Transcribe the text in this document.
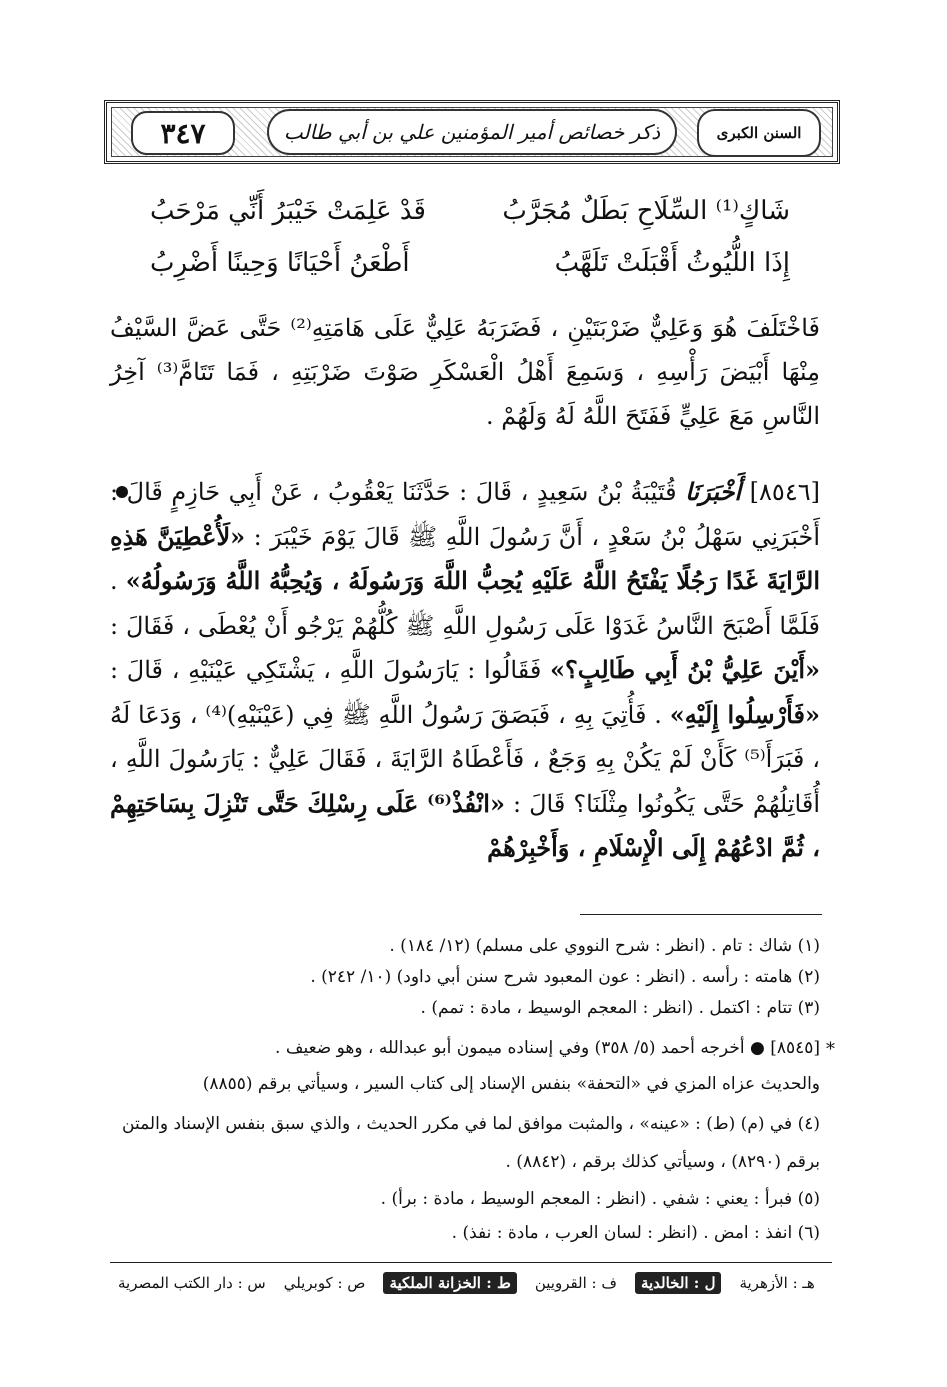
٣٤٧	ذكر خصائص أمير المؤمنين علي بن أبي طالب	السنن الكبرى
قَدْ عَلِمَتْ خَيْبَرُ أَنِّي مَرْحَبُ	شَاكٍ⁽¹⁾ السِّلَاحِ بَطَلٌ مُجَرَّبُ
أَطْعَنُ أَحْيَانًا وَحِينًا أَضْرِبُ	إِذَا اللُّيُوثُ أَقْبَلَتْ تَلَهَّبُ
فَاخْتَلَفَ هُوَ وَعَلِيٌّ ضَرْبَتَيْنِ ، فَضَرَبَهُ عَلِيٌّ عَلَى هَامَتِهِ⁽²⁾ حَتَّى عَضَّ السَّيْفُ مِنْهَا أَبْيَضَ رَأْسِهِ ، وَسَمِعَ أَهْلُ الْعَسْكَرِ صَوْتَ ضَرْبَتِهِ ، فَمَا تَتَامَّ⁽³⁾ آخِرُ النَّاسِ مَعَ عَلِيٍّ فَفَتَحَ اللَّهُ لَهُ وَلَهُمْ .
[٨٥٤٦] أَخْبَرَنَا قُتَيْبَةُ بْنُ سَعِيدٍ ، قَالَ : حَدَّثَنَا يَعْقُوبُ ، عَنْ أَبِي حَازِمٍ قَالَ : أَخْبَرَنِي سَهْلُ بْنُ سَعْدٍ ، أَنَّ رَسُولَ اللَّهِ ﷺ قَالَ يَوْمَ خَيْبَرَ : «لَأُعْطِيَنَّ هَذِهِ الرَّايَةَ غَدًا رَجُلًا يَفْتَحُ اللَّهُ عَلَيْهِ يُحِبُّ اللَّهَ وَرَسُولَهُ ، وَيُحِبُّهُ اللَّهُ وَرَسُولُهُ» . فَلَمَّا أَصْبَحَ النَّاسُ غَدَوْا عَلَى رَسُولِ اللَّهِ ﷺ كُلُّهُمْ يَرْجُو أَنْ يُعْطَى ، فَقَالَ : «أَيْنَ عَلِيُّ بْنُ أَبِي طَالِبٍ؟» فَقَالُوا : يَارَسُولَ اللَّهِ ، يَشْتَكِي عَيْنَيْهِ ، قَالَ : «فَأَرْسِلُوا إِلَيْهِ» . فَأُتِيَ بِهِ ، فَبَصَقَ رَسُولُ اللَّهِ ﷺ فِي (عَيْنَيْهِ)⁽⁴⁾ ، وَدَعَا لَهُ ، فَبَرَأَ⁽⁵⁾ كَأَنْ لَمْ يَكُنْ بِهِ وَجَعٌ ، فَأَعْطَاهُ الرَّايَةَ ، فَقَالَ عَلِيٌّ : يَارَسُولَ اللَّهِ ، أُقَاتِلُهُمْ حَتَّى يَكُونُوا مِثْلَنَا؟ قَالَ : «انْفُذْ⁽⁶⁾ عَلَى رِسْلِكَ حَتَّى تَنْزِلَ بِسَاحَتِهِمْ ، ثُمَّ ادْعُهُمْ إِلَى الْإِسْلَامِ ، وَأَخْبِرْهُمْ
(١) شاك : تام . (انظر : شرح النووي على مسلم) (١٢/ ١٨٤) .
(٢) هامته : رأسه . (انظر : عون المعبود شرح سنن أبي داود) (١٠/ ٢٤٢) .
(٣) تتام : اكتمل . (انظر : المعجم الوسيط ، مادة : تمم) .
*
[٨٥٤٥] ● أخرجه أحمد (٥/ ٣٥٨) وفي إسناده ميمون أبو عبدالله ، وهو ضعيف .
والحديث عزاه المزي في «التحفة» بنفس الإسناد إلى كتاب السير ، وسيأتي برقم (٨٨٥٥)
(٤) في (م) (ط) : «عينه» ، والمثبت موافق لما في مكرر الحديث ، والذي سبق بنفس الإسناد والمتن
برقم (٨٢٩٠) ، وسيأتي كذلك برقم ، (٨٨٤٢) .
(٥) فبرأ : يعني : شفي . (انظر : المعجم الوسيط ، مادة : برأ) .
(٦) انفذ : امض . (انظر : لسان العرب ، مادة : نفذ) .
س : دار الكتب المصرية ص : كوبريلي	ط : الخزانة الملكية	ف : القرويين	ل : الخالدية	هـ : الأزهرية
